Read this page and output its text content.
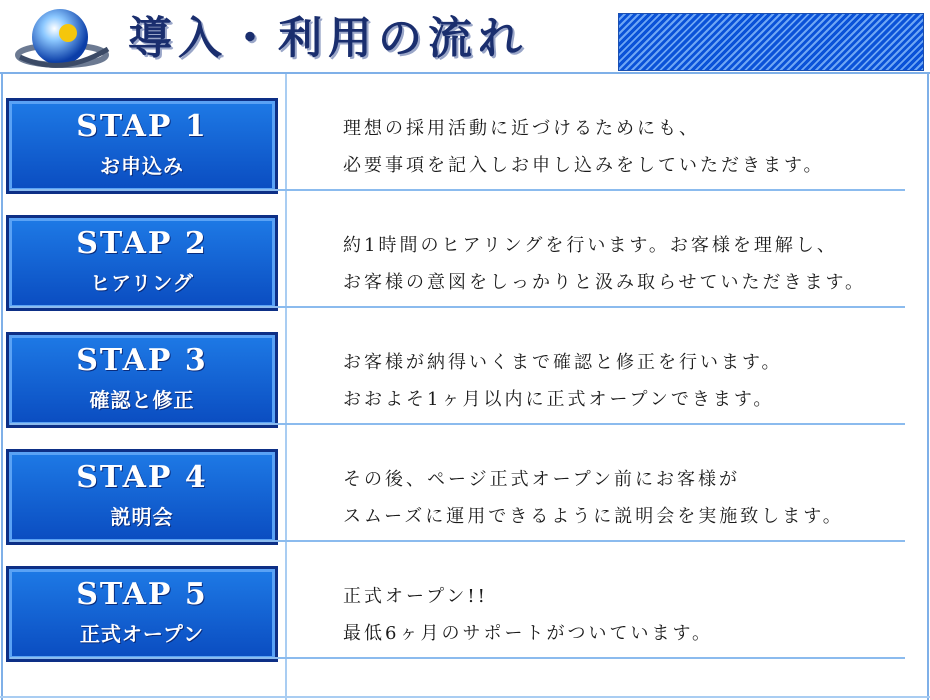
導入・利用の流れ
STAP 1
お申込み
理想の採用活動に近づけるためにも、
必要事項を記入しお申し込みをしていただきます。
STAP 2
ヒアリング
約1時間のヒアリングを行います。お客様を理解し、
お客様の意図をしっかりと汲み取らせていただきます。
STAP 3
確認と修正
お客様が納得いくまで確認と修正を行います。
おおよそ1ヶ月以内に正式オープンできます。
STAP 4
説明会
その後、ページ正式オープン前にお客様が
スムーズに運用できるように説明会を実施致します。
STAP 5
正式オープン
正式オープン!!
最低6ヶ月のサポートがついています。
